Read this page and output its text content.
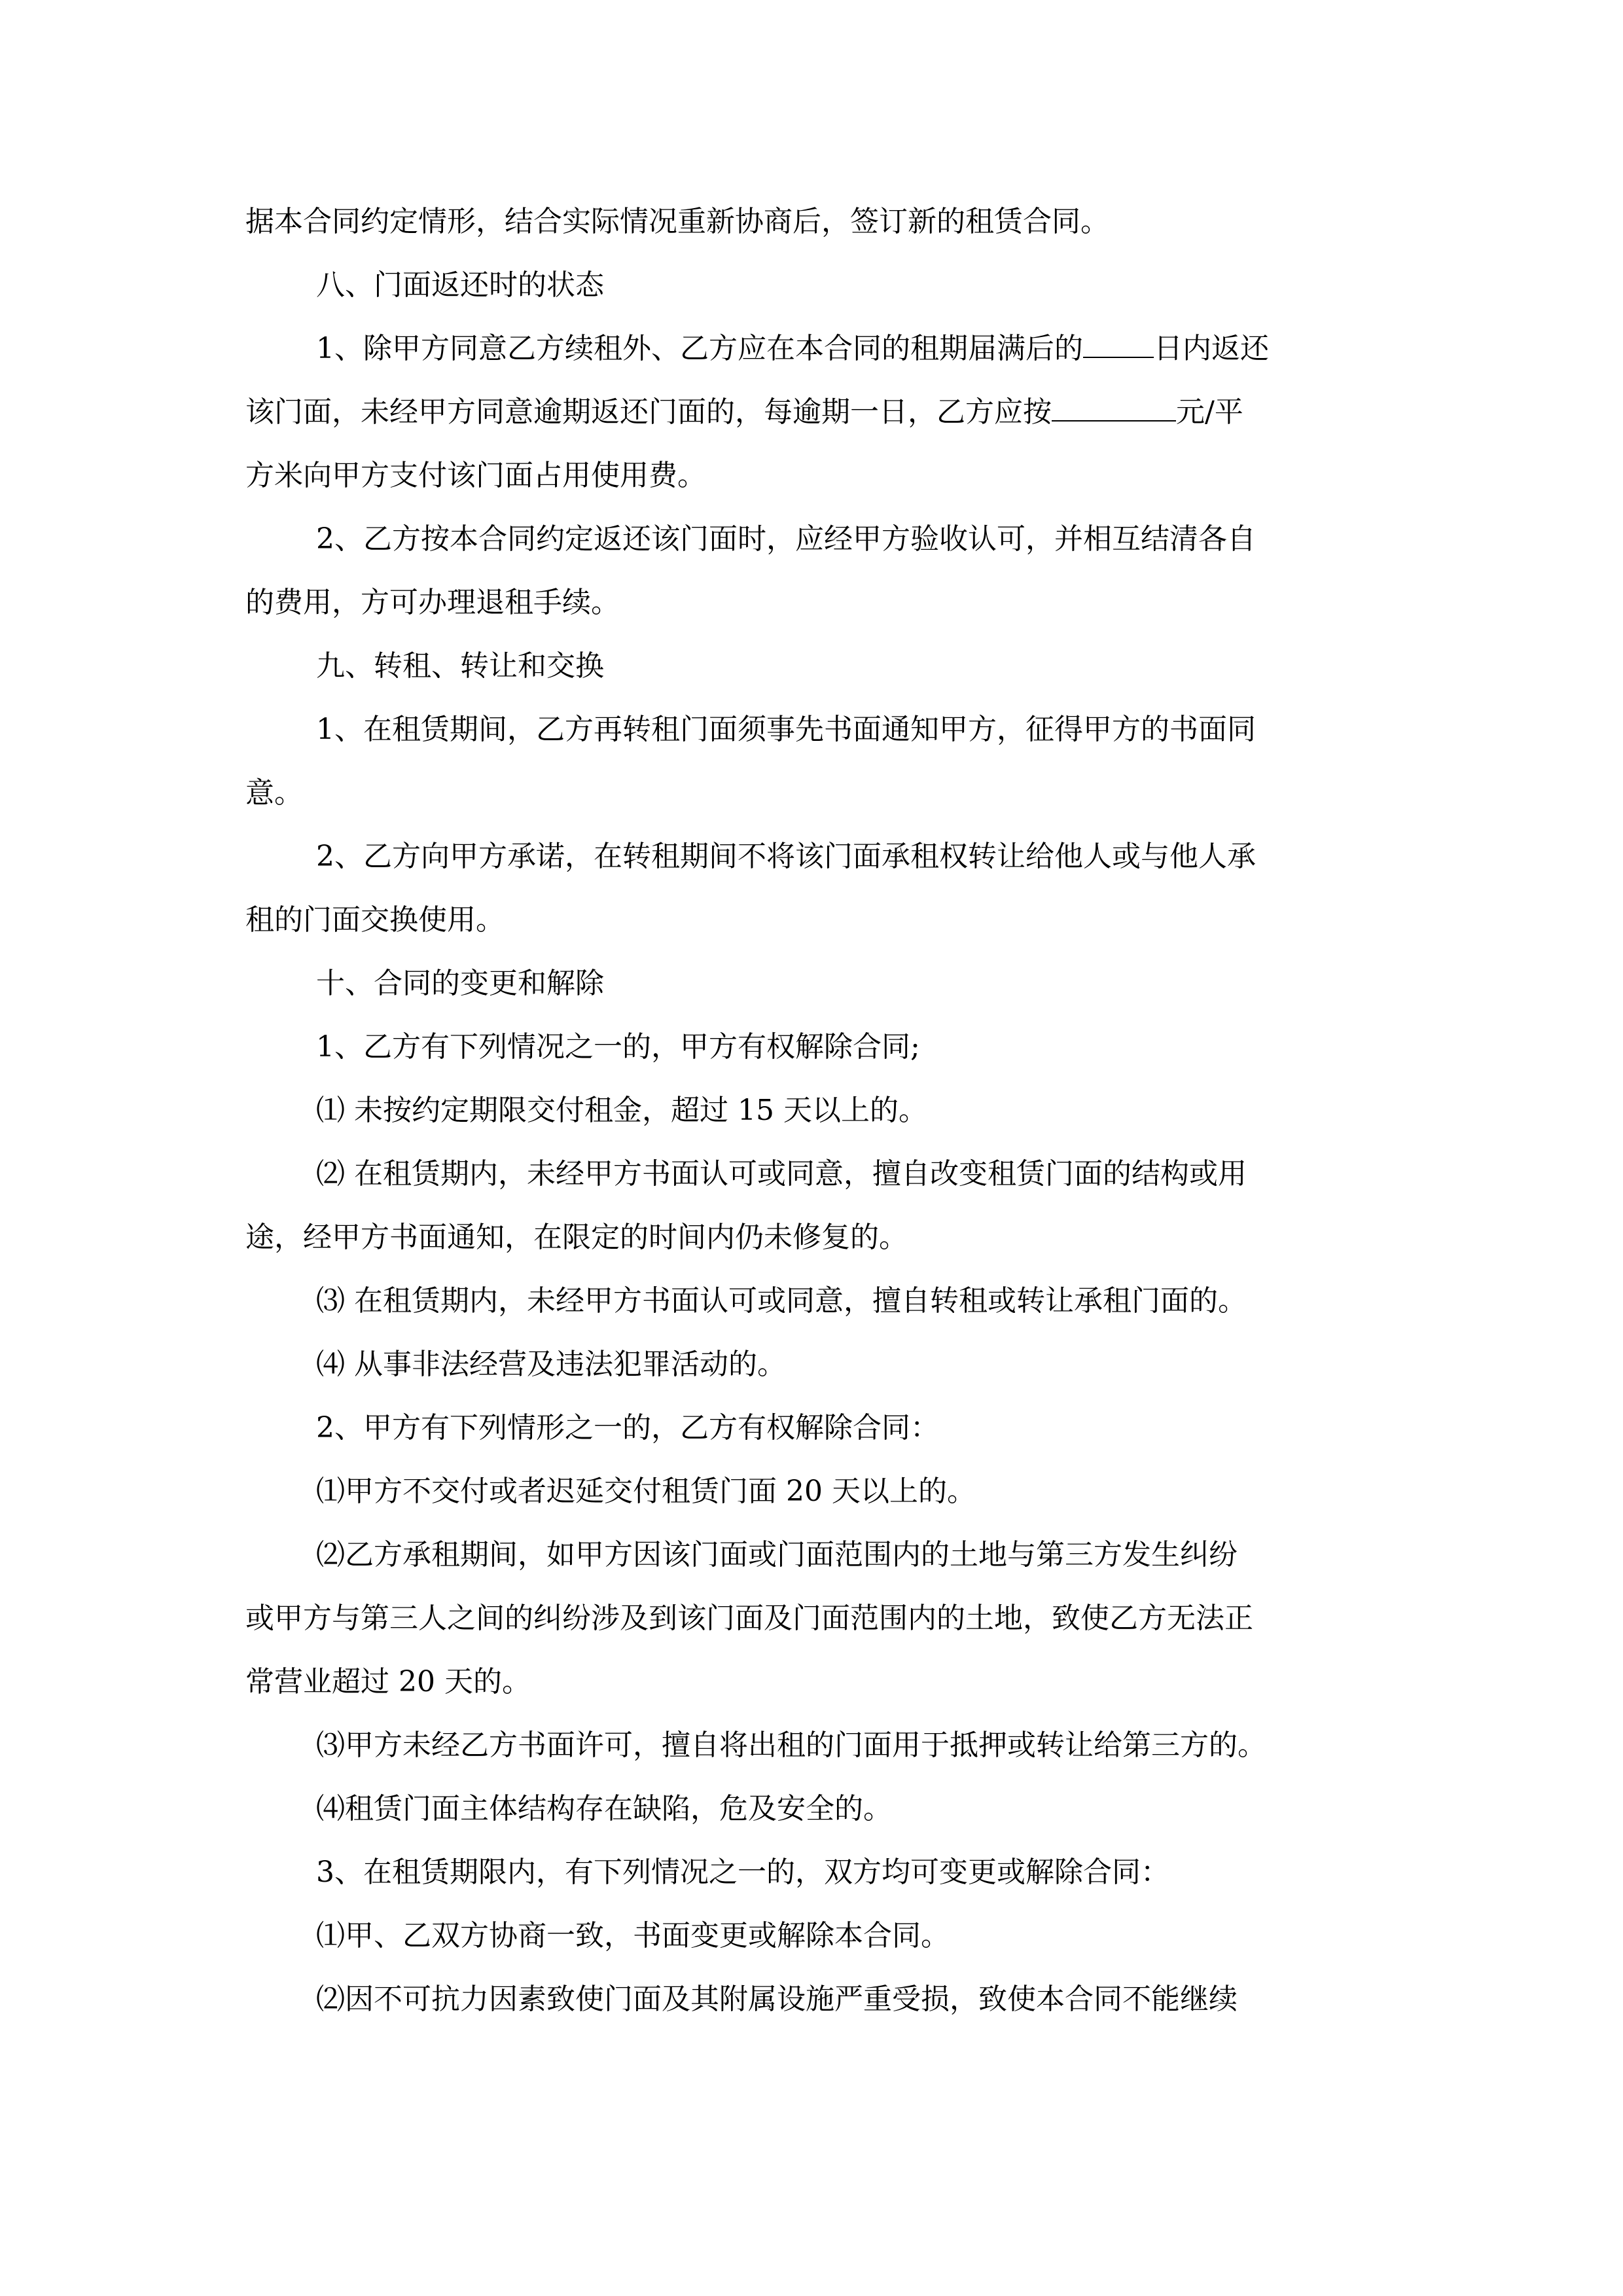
据本合同约定情形，结合实际情况重新协商后，签订新的租赁合同。

八、门面返还时的状态

1、除甲方同意乙方续租外、乙方应在本合同的租期届满后的 日内返还

该门面，未经甲方同意逾期返还门面的，每逾期一日，乙方应按	元/平

方米向甲方支付该门面占用使用费。

2、乙方按本合同约定返还该门面时，应经甲方验收认可，并相互结清各自

的费用，方可办理退租手续。

九、转租、转让和交换

1、在租赁期间，乙方再转租门面须事先书面通知甲方，征得甲方的书面同

意。

2、乙方向甲方承诺，在转租期间不将该门面承租权转让给他人或与他人承

租的门面交换使用。

十、合同的变更和解除

1、乙方有下列情况之一的，甲方有权解除合同;

⑴ 未按约定期限交付租金，超过 15 天以上的。

⑵ 在租赁期内，未经甲方书面认可或同意，擅自改变租赁门面的结构或用

途，经甲方书面通知，在限定的时间内仍未修复的。

⑶ 在租赁期内，未经甲方书面认可或同意，擅自转租或转让承租门面的。

⑷ 从事非法经营及违法犯罪活动的。

2、甲方有下列情形之一的，乙方有权解除合同：

⑴甲方不交付或者迟延交付租赁门面 20 天以上的。

⑵乙方承租期间，如甲方因该门面或门面范围内的土地与第三方发生纠纷

或甲方与第三人之间的纠纷涉及到该门面及门面范围内的土地，致使乙方无法正

常营业超过 20 天的。

⑶甲方未经乙方书面许可，擅自将出租的门面用于抵押或转让给第三方的。

⑷租赁门面主体结构存在缺陷，危及安全的。

3、在租赁期限内，有下列情况之一的，双方均可变更或解除合同：

⑴甲、乙双方协商一致，书面变更或解除本合同。

⑵因不可抗力因素致使门面及其附属设施严重受损，致使本合同不能继续
